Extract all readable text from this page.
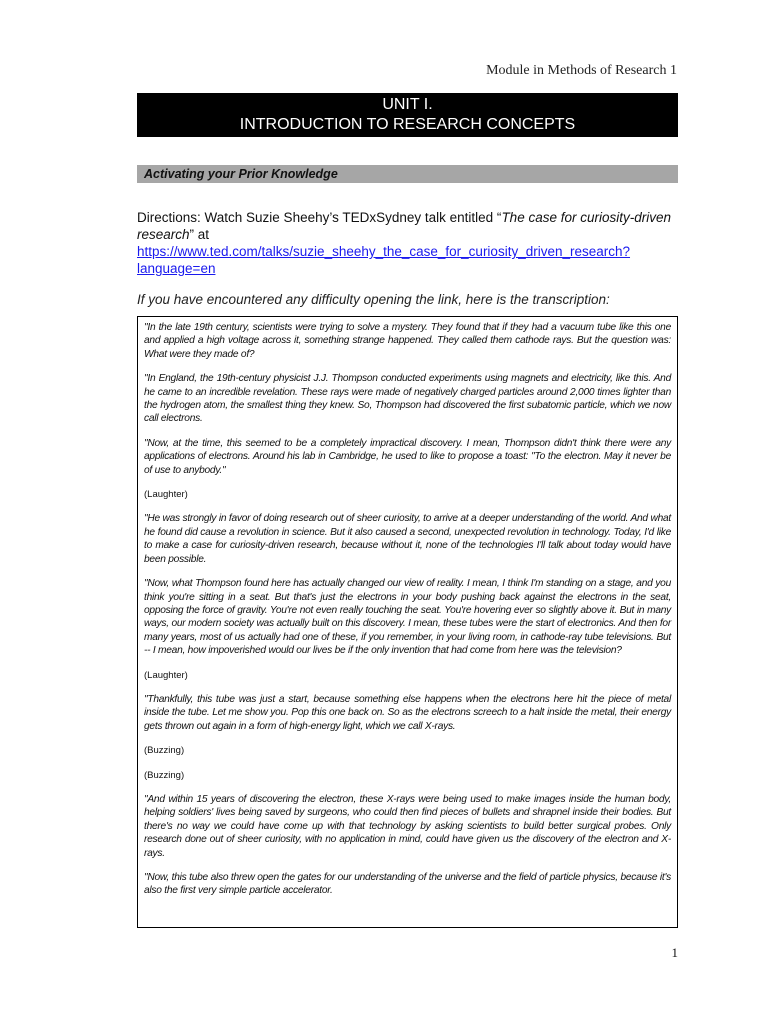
Module in Methods of Research 1
UNIT I.
INTRODUCTION TO RESEARCH CONCEPTS
Activating your Prior Knowledge
Directions: Watch Suzie Sheehy’s TEDxSydney talk entitled “The case for curiosity-driven research” at
https://www.ted.com/talks/suzie_sheehy_the_case_for_curiosity_driven_research?language=en
If you have encountered any difficulty opening the link, here is the transcription:

"In the late 19th century, scientists were trying to solve a mystery. They found that if they had a vacuum tube like this one and applied a high voltage across it, something strange happened. They called them cathode rays. But the question was: What were they made of?

"In England, the 19th-century physicist J.J. Thompson conducted experiments using magnets and electricity, like this. And he came to an incredible revelation. These rays were made of negatively charged particles around 2,000 times lighter than the hydrogen atom, the smallest thing they knew. So, Thompson had discovered the first subatomic particle, which we now call electrons.

"Now, at the time, this seemed to be a completely impractical discovery. I mean, Thompson didn't think there were any applications of electrons. Around his lab in Cambridge, he used to like to propose a toast: "To the electron. May it never be of use to anybody."

(Laughter)

"He was strongly in favor of doing research out of sheer curiosity, to arrive at a deeper understanding of the world. And what he found did cause a revolution in science. But it also caused a second, unexpected revolution in technology. Today, I'd like to make a case for curiosity-driven research, because without it, none of the technologies I'll talk about today would have been possible.

"Now, what Thompson found here has actually changed our view of reality. I mean, I think I'm standing on a stage, and you think you're sitting in a seat. But that's just the electrons in your body pushing back against the electrons in the seat, opposing the force of gravity. You're not even really touching the seat. You're hovering ever so slightly above it. But in many ways, our modern society was actually built on this discovery. I mean, these tubes were the start of electronics. And then for many years, most of us actually had one of these, if you remember, in your living room, in cathode-ray tube televisions. But -- I mean, how impoverished would our lives be if the only invention that had come from here was the television?

(Laughter)

"Thankfully, this tube was just a start, because something else happens when the electrons here hit the piece of metal inside the tube. Let me show you. Pop this one back on. So as the electrons screech to a halt inside the metal, their energy gets thrown out again in a form of high-energy light, which we call X-rays.

(Buzzing)

(Buzzing)

"And within 15 years of discovering the electron, these X-rays were being used to make images inside the human body, helping soldiers' lives being saved by surgeons, who could then find pieces of bullets and shrapnel inside their bodies. But there's no way we could have come up with that technology by asking scientists to build better surgical probes. Only research done out of sheer curiosity, with no application in mind, could have given us the discovery of the electron and X-rays.

"Now, this tube also threw open the gates for our understanding of the universe and the field of particle physics, because it's also the first very simple particle accelerator.

1
